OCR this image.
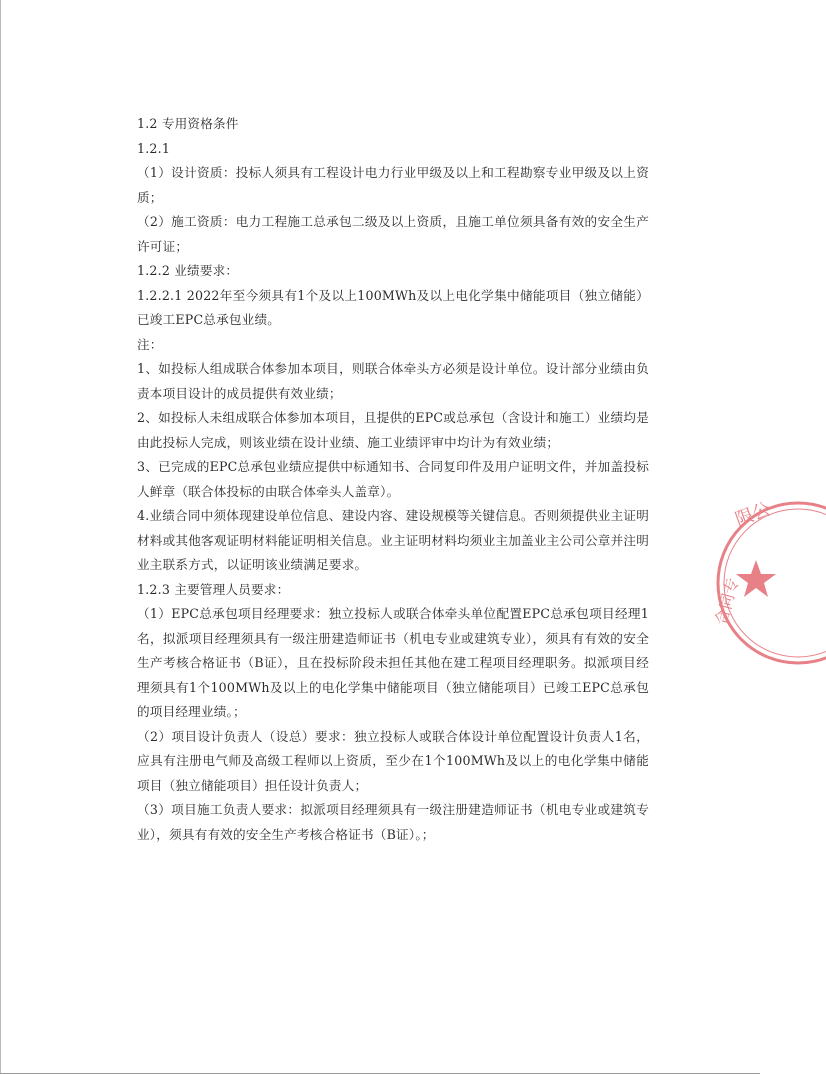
1.2 专用资格条件

1.2.1

（1）设计资质：投标人须具有工程设计电力行业甲级及以上和工程勘察专业甲级及以上资质；

（2）施工资质：电力工程施工总承包二级及以上资质，且施工单位须具备有效的安全生产许可证；

1.2.2 业绩要求：

1.2.2.1 2022年至今须具有1个及以上100MWh及以上电化学集中储能项目（独立储能）已竣工EPC总承包业绩。

注：

1、如投标人组成联合体参加本项目，则联合体牵头方必须是设计单位。设计部分业绩由负责本项目设计的成员提供有效业绩；

2、如投标人未组成联合体参加本项目，且提供的EPC或总承包（含设计和施工）业绩均是由此投标人完成，则该业绩在设计业绩、施工业绩评审中均计为有效业绩；

3、已完成的EPC总承包业绩应提供中标通知书、合同复印件及用户证明文件，并加盖投标人鲜章（联合体投标的由联合体牵头人盖章）。

4.业绩合同中须体现建设单位信息、建设内容、建设规模等关键信息。否则须提供业主证明材料或其他客观证明材料能证明相关信息。业主证明材料均须业主加盖业主公司公章并注明业主联系方式，以证明该业绩满足要求。

1.2.3 主要管理人员要求：

（1）EPC总承包项目经理要求：独立投标人或联合体牵头单位配置EPC总承包项目经理1名，拟派项目经理须具有一级注册建造师证书（机电专业或建筑专业），须具有有效的安全生产考核合格证书（B证），且在投标阶段未担任其他在建工程项目经理职务。拟派项目经理须具有1个100MWh及以上的电化学集中储能项目（独立储能项目）已竣工EPC总承包的项目经理业绩。；

（2）项目设计负责人（设总）要求：独立投标人或联合体设计单位配置设计负责人1名，应具有注册电气师及高级工程师以上资质，至少在1个100MWh及以上的电化学集中储能项目（独立储能项目）担任设计负责人；

（3）项目施工负责人要求：拟派项目经理须具有一级注册建造师证书（机电专业或建筑专业），须具有有效的安全生产考核合格证书（B证）。；

限公
合同专
